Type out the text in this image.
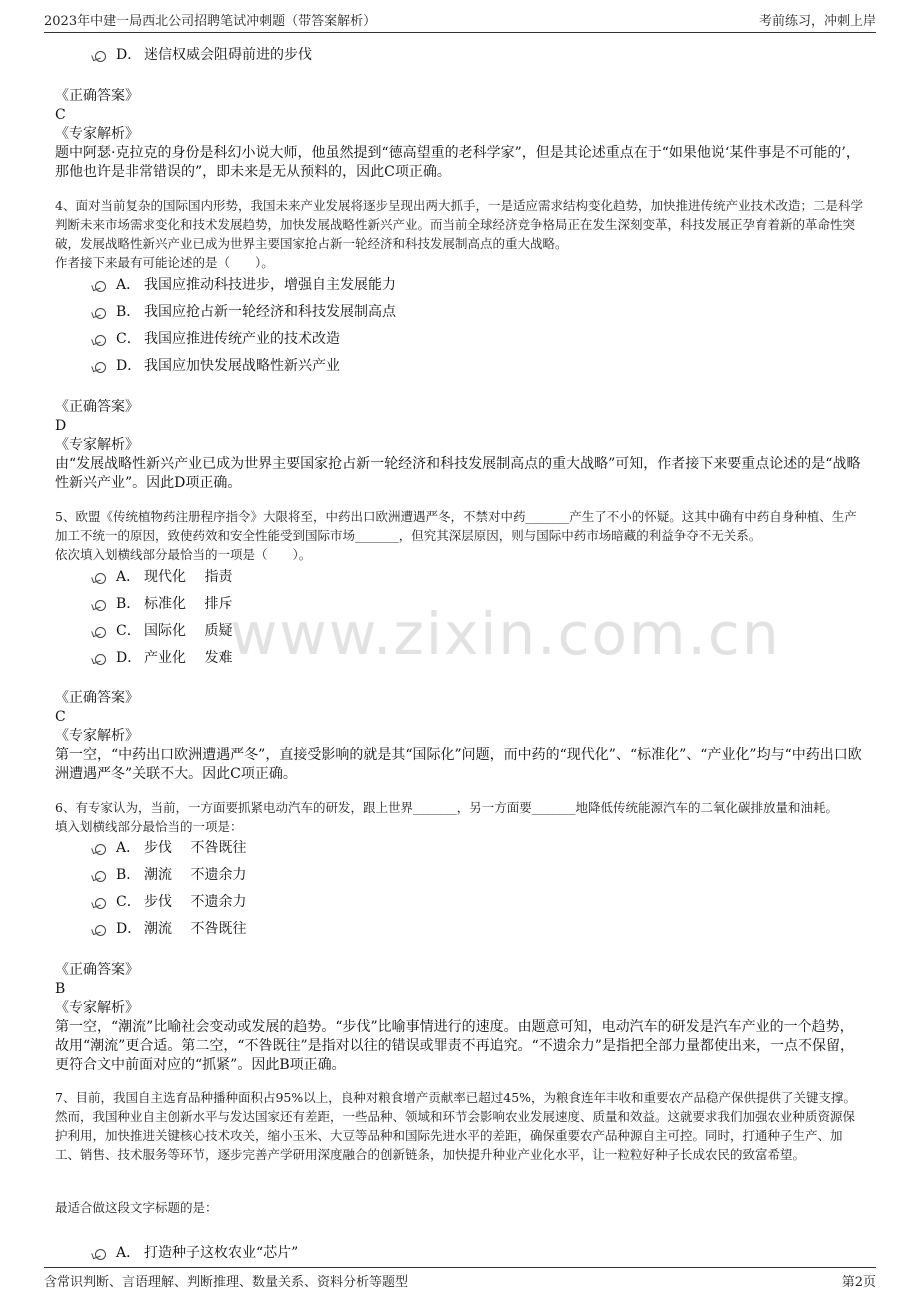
2023年中建一局西北公司招聘笔试冲刺题（带答案解析）	考前练习，冲刺上岸
www.zixin.com.cn
D． 迷信权威会阻碍前进的步伐
《正确答案》
C
《专家解析》
题中阿瑟·克拉克的身份是科幻小说大师，他虽然提到“德高望重的老科学家”，但是其论述重点在于“如果他说‘某件事是不可能的’，那他也许是非常错误的”，即未来是无从预料的，因此C项正确。
4、面对当前复杂的国际国内形势，我国未来产业发展将逐步呈现出两大抓手，一是适应需求结构变化趋势，加快推进传统产业技术改造；二是科学判断未来市场需求变化和技术发展趋势，加快发展战略性新兴产业。而当前全球经济竞争格局正在发生深刻变革，科技发展正孕育着新的革命性突破，发展战略性新兴产业已成为世界主要国家抢占新一轮经济和科技发展制高点的重大战略。
作者接下来最有可能论述的是（　　）。
A． 我国应推动科技进步，增强自主发展能力
B． 我国应抢占新一轮经济和科技发展制高点
C． 我国应推进传统产业的技术改造
D． 我国应加快发展战略性新兴产业
《正确答案》
D
《专家解析》
由“发展战略性新兴产业已成为世界主要国家抢占新一轮经济和科技发展制高点的重大战略”可知，作者接下来要重点论述的是“战略性新兴产业”。因此D项正确。
5、欧盟《传统植物药注册程序指令》大限将至，中药出口欧洲遭遇严冬，不禁对中药_______产生了不小的怀疑。这其中确有中药自身种植、生产加工不统一的原因，致使药效和安全性能受到国际市场_______，但究其深层原因，则与国际中药市场暗藏的利益争夺不无关系。
依次填入划横线部分最恰当的一项是（　　）。
A． 现代化　 指责
B． 标准化　 排斥
C． 国际化　 质疑
D． 产业化　 发难
《正确答案》
C
《专家解析》
第一空，“中药出口欧洲遭遇严冬”，直接受影响的就是其“国际化”问题，而中药的“现代化”、“标准化”、“产业化”均与“中药出口欧洲遭遇严冬”关联不大。因此C项正确。
6、有专家认为，当前，一方面要抓紧电动汽车的研发，跟上世界_______，另一方面要_______地降低传统能源汽车的二氧化碳排放量和油耗。
填入划横线部分最恰当的一项是：
A． 步伐　 不咎既往
B． 潮流　 不遗余力
C． 步伐　 不遗余力
D． 潮流　 不咎既往
《正确答案》
B
《专家解析》
第一空，“潮流”比喻社会变动或发展的趋势。“步伐”比喻事情进行的速度。由题意可知，电动汽车的研发是汽车产业的一个趋势，故用“潮流”更合适。第二空，“不咎既往”是指对以往的错误或罪责不再追究。“不遗余力”是指把全部力量都使出来，一点不保留，更符合文中前面对应的“抓紧”。因此B项正确。
7、目前，我国自主选育品种播种面积占95%以上，良种对粮食增产贡献率已超过45%，为粮食连年丰收和重要农产品稳产保供提供了关键支撑。然而，我国种业自主创新水平与发达国家还有差距，一些品种、领域和环节会影响农业发展速度、质量和效益。这就要求我们加强农业种质资源保护利用，加快推进关键核心技术攻关，缩小玉米、大豆等品种和国际先进水平的差距，确保重要农产品种源自主可控。同时，打通种子生产、加工、销售、技术服务等环节，逐步完善产学研用深度融合的创新链条，加快提升种业产业化水平，让一粒粒好种子长成农民的致富希望。
最适合做这段文字标题的是：
A． 打造种子这枚农业“芯片”
含常识判断、言语理解、判断推理、数量关系、资料分析等题型	第2页
